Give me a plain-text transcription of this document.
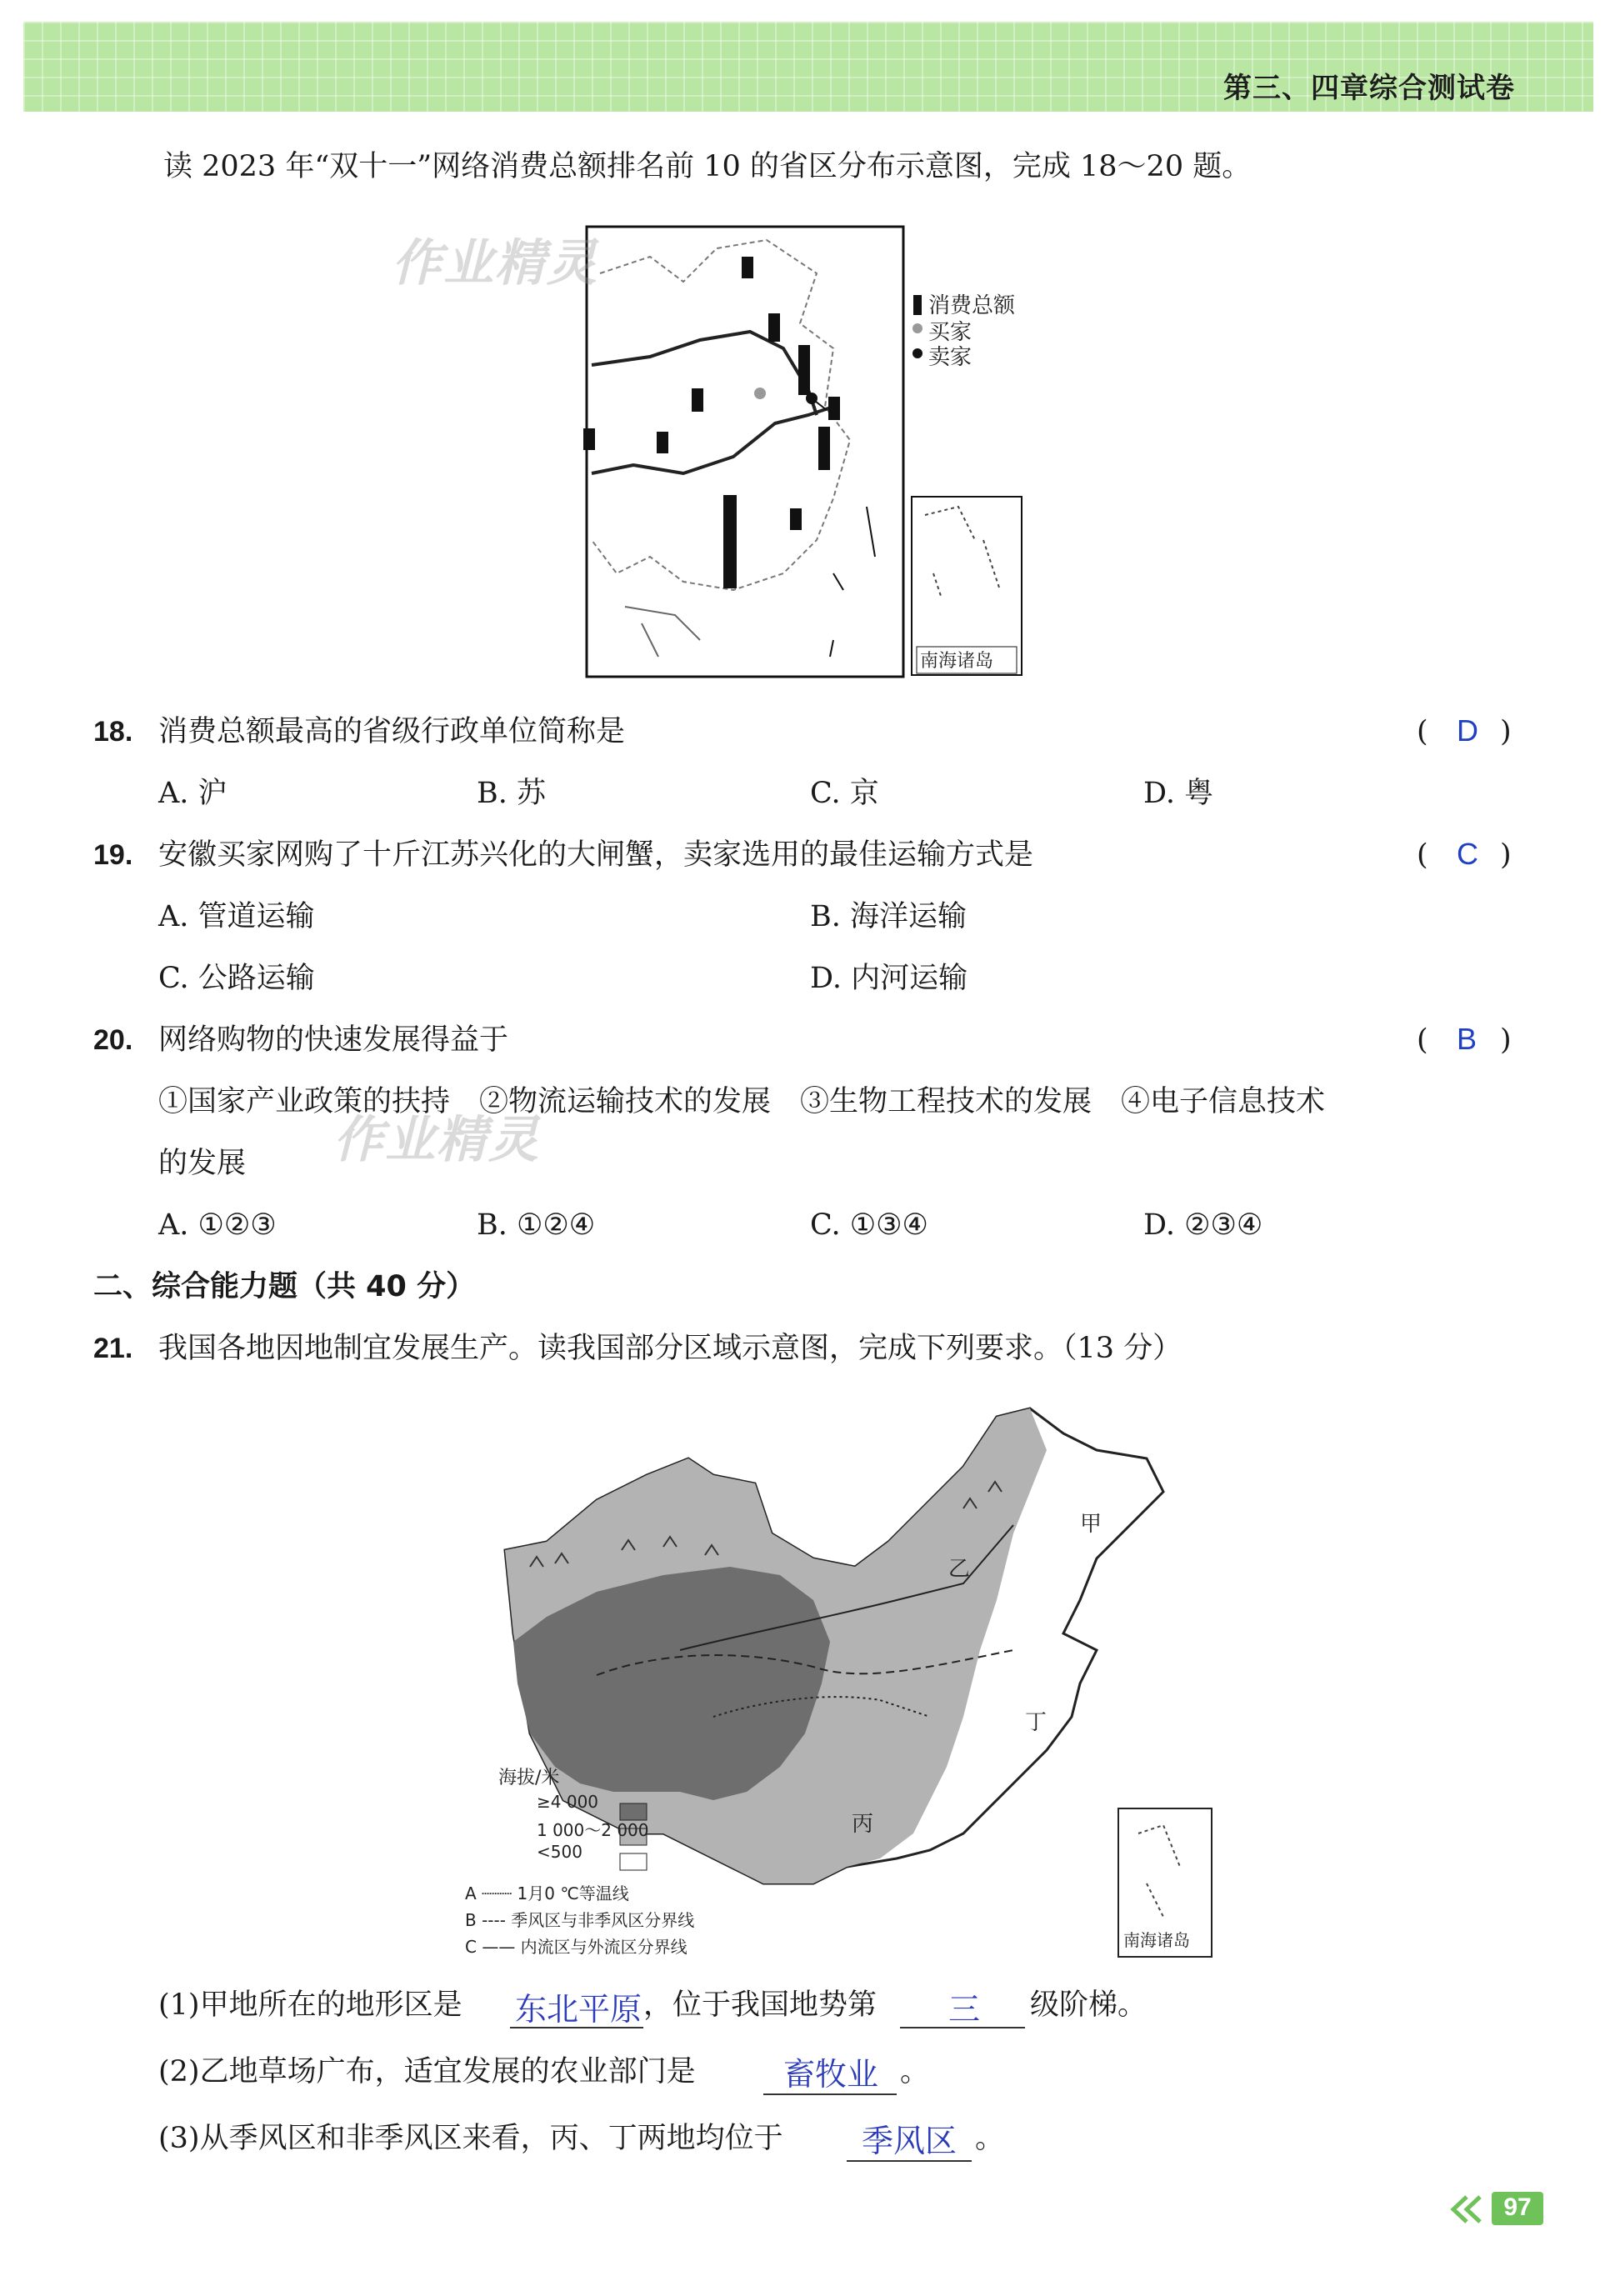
第三、四章综合测试卷
读 2023 年“双十一”网络消费总额排名前 10 的省区分布示意图，完成 18～20 题。
消费总额
买家
卖家
南海诸岛
作业精灵
作业精灵
18. 消费总额最高的省级行政单位简称是	( D )
A. 沪	B. 苏	C. 京	D. 粤
19. 安徽买家网购了十斤江苏兴化的大闸蟹，卖家选用的最佳运输方式是	( C )
A. 管道运输	B. 海洋运输
C. 公路运输	D. 内河运输
20. 网络购物的快速发展得益于	( B )
①国家产业政策的扶持　②物流运输技术的发展　③生物工程技术的发展　④电子信息技术
的发展
A. ①②③	B. ①②④	C. ①③④	D. ②③④
二、综合能力题（共 40 分）
21. 我国各地因地制宜发展生产。读我国部分区域示意图，完成下列要求。（13 分）
甲
乙
丙
丁
海拔/米
≥4 000
1 000～2 000
<500
A ┈┈┈ 1月0 ℃等温线
B ---- 季风区与非季风区分界线
C —— 内流区与外流区分界线	南海诸岛
(1)甲地所在的地形区是 东北平原 ，位于我国地势第 三 级阶梯。
(2)乙地草场广布，适宜发展的农业部门是	畜牧业 。
(3)从季风区和非季风区来看，丙、丁两地均位于 季风区 。
97
